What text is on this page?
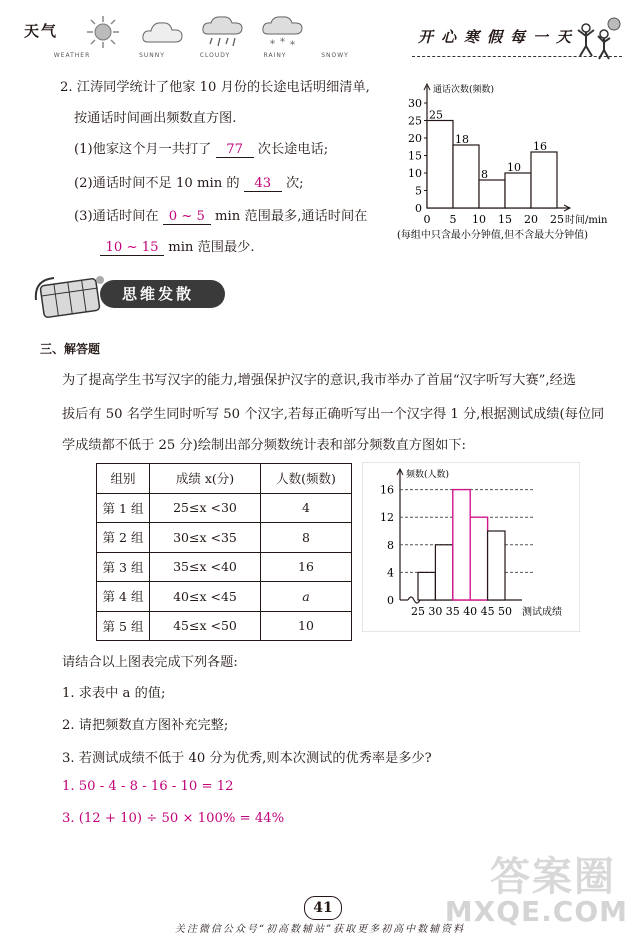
天气
WEATHER	SUNNY	CLOUDY	RAINY
* * *
SNOWY
开心寒假每一天
2. 江涛同学统计了他家 10 月份的长途电话明细清单,
按通话时间画出频数直方图.
(1)他家这个月一共打了 77 次长途电话;
(2)通话时间不足 10 min 的 43 次;
(3)通话时间在 0 ~ 5 min 范围最多,通话时间在
10 ~ 15 min 范围最少.
通话次数(频数)
0
5
10
15
20
25
30
0 5 10 15 20 25 时间/min
25
18
8
10
16
(每组中只含最小分钟值,但不含最大分钟值)
思维发散
三、解答题
为了提高学生书写汉字的能力,增强保护汉字的意识,我市举办了首届“汉字听写大赛”,经选
拔后有 50 名学生同时听写 50 个汉字,若每正确听写出一个汉字得 1 分,根据测试成绩(每位同
学成绩都不低于 25 分)绘制出部分频数统计表和部分频数直方图如下:
组别	成绩 x(分)	人数(频数)
第 1 组	25≤x <30	4
第 2 组	30≤x <35	8
第 3 组	35≤x <40	16
第 4 组	40≤x <45	a
第 5 组	45≤x <50	10
频数(人数)
0
4
8
12
16
25 30 35 40 45 50 测试成绩
请结合以上图表完成下列各题:
1. 求表中 a 的值;
2. 请把频数直方图补充完整;
3. 若测试成绩不低于 40 分为优秀,则本次测试的优秀率是多少?
1. 50 - 4 - 8 - 16 - 10 = 12
3. (12 + 10) ÷ 50 × 100% = 44%
答案圈
MXQE.COM
41
关注微信公众号“初高数辅站”获取更多初高中数辅资料
